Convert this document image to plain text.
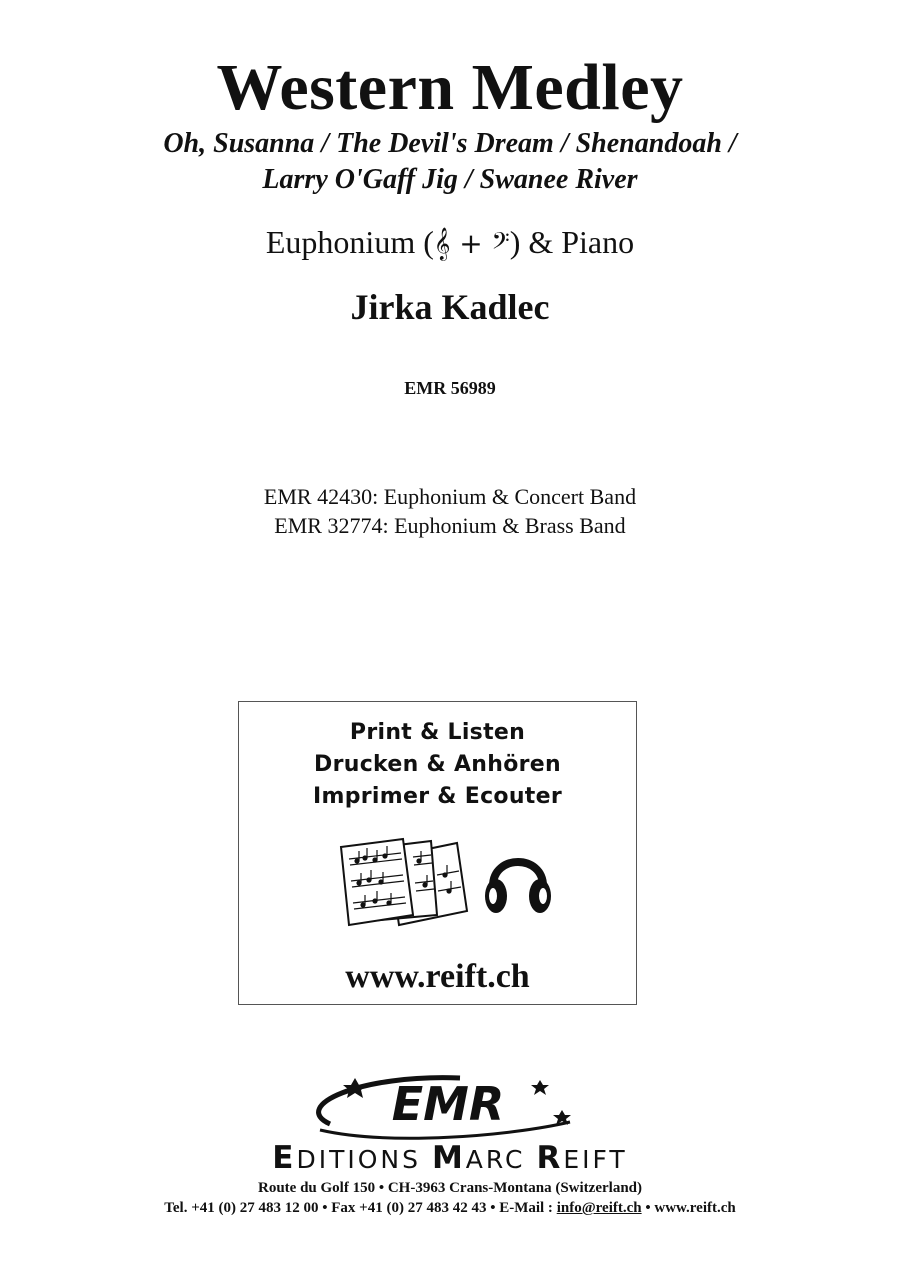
Western Medley
Oh, Susanna / The Devil's Dream / Shenandoah /
Larry O'Gaff Jig / Swanee River
Euphonium (𝄞 + 𝄢) & Piano
Jirka Kadlec
EMR 56989
EMR 42430: Euphonium & Concert Band
EMR 32774: Euphonium & Brass Band
Print & Listen
Drucken & Anhören
Imprimer & Ecouter
www.reift.ch
EMR
EDITIONS MARC REIFT
Route du Golf 150 • CH-3963 Crans-Montana (Switzerland)
Tel. +41 (0) 27 483 12 00 • Fax +41 (0) 27 483 42 43 • E-Mail : info@reift.ch • www.reift.ch
